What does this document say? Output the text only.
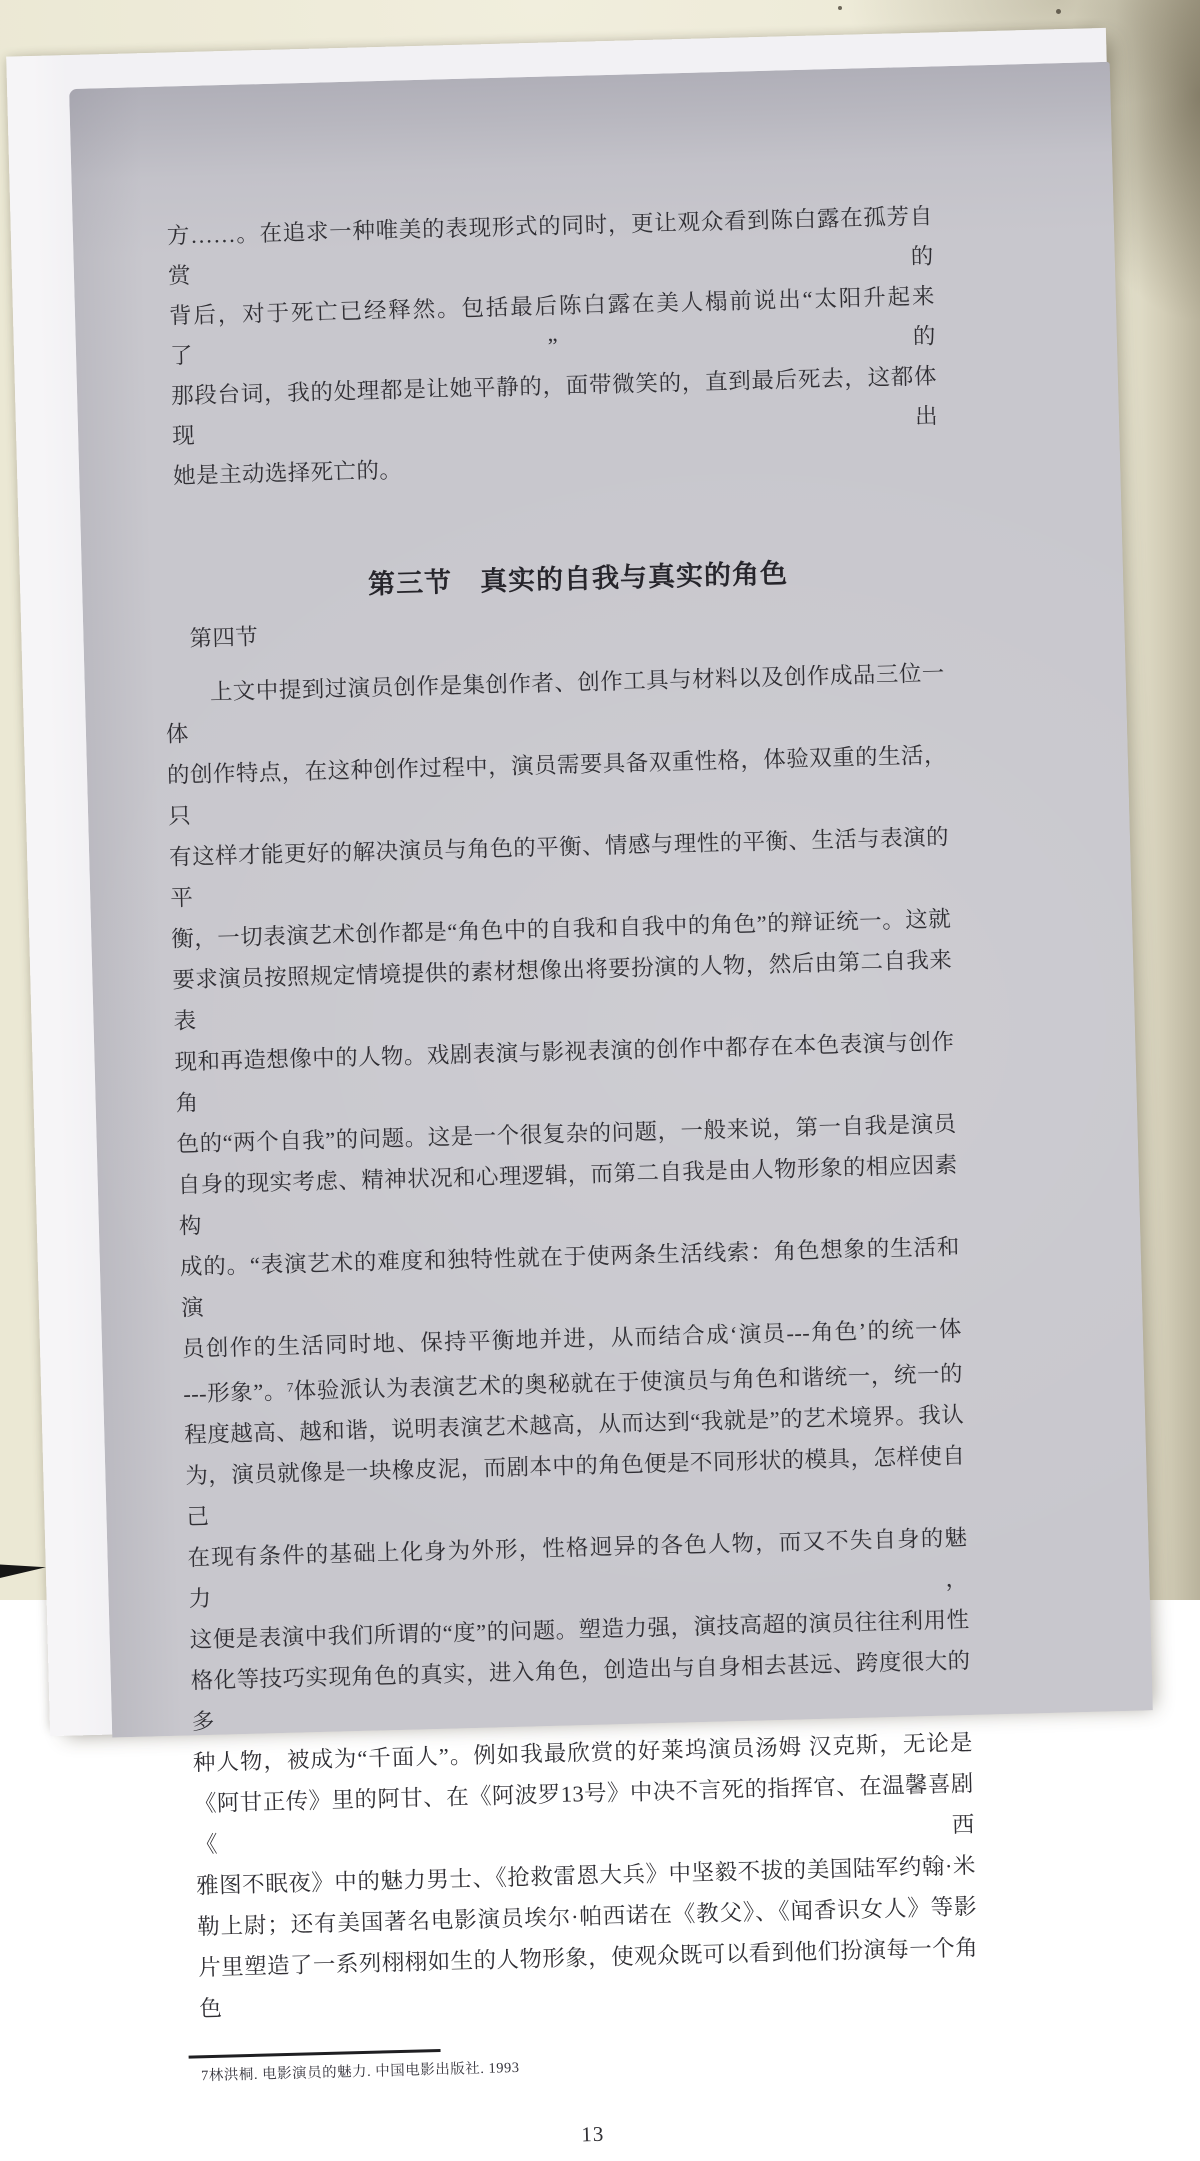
方……。在追求一种唯美的表现形式的同时，更让观众看到陈白露在孤芳自赏的
背后，对于死亡已经释然。包括最后陈白露在美人榻前说出“太阳升起来了”的
那段台词，我的处理都是让她平静的，面带微笑的，直到最后死去，这都体现出
她是主动选择死亡的。
第三节　真实的自我与真实的角色
第四节
上文中提到过演员创作是集创作者、创作工具与材料以及创作成品三位一体
的创作特点，在这种创作过程中，演员需要具备双重性格，体验双重的生活，只
有这样才能更好的解决演员与角色的平衡、情感与理性的平衡、生活与表演的平
衡，一切表演艺术创作都是“角色中的自我和自我中的角色”的辩证统一。这就
要求演员按照规定情境提供的素材想像出将要扮演的人物，然后由第二自我来表
现和再造想像中的人物。戏剧表演与影视表演的创作中都存在本色表演与创作角
色的“两个自我”的问题。这是一个很复杂的问题，一般来说，第一自我是演员
自身的现实考虑、精神状况和心理逻辑，而第二自我是由人物形象的相应因素构
成的。“表演艺术的难度和独特性就在于使两条生活线索：角色想象的生活和演
员创作的生活同时地、保持平衡地并进，从而结合成‘演员---角色’的统一体
---形象”。$^7$体验派认为表演艺术的奥秘就在于使演员与角色和谐统一，统一的
程度越高、越和谐，说明表演艺术越高，从而达到“我就是”的艺术境界。我认
为，演员就像是一块橡皮泥，而剧本中的角色便是不同形状的模具，怎样使自己
在现有条件的基础上化身为外形，性格迥异的各色人物，而又不失自身的魅力，
这便是表演中我们所谓的“度”的问题。塑造力强，演技高超的演员往往利用性
格化等技巧实现角色的真实，进入角色，创造出与自身相去甚远、跨度很大的多
种人物，被成为“千面人”。例如我最欣赏的好莱坞演员汤姆 汉克斯，无论是
《阿甘正传》里的阿甘、在《阿波罗13号》中决不言死的指挥官、在温馨喜剧《西
雅图不眠夜》中的魅力男士、《抢救雷恩大兵》中坚毅不拔的美国陆军约翰·米
勒上尉；还有美国著名电影演员埃尔·帕西诺在《教父》、《闻香识女人》等影
片里塑造了一系列栩栩如生的人物形象，使观众既可以看到他们扮演每一个角色
7林洪桐. 电影演员的魅力. 中国电影出版社. 1993
13
